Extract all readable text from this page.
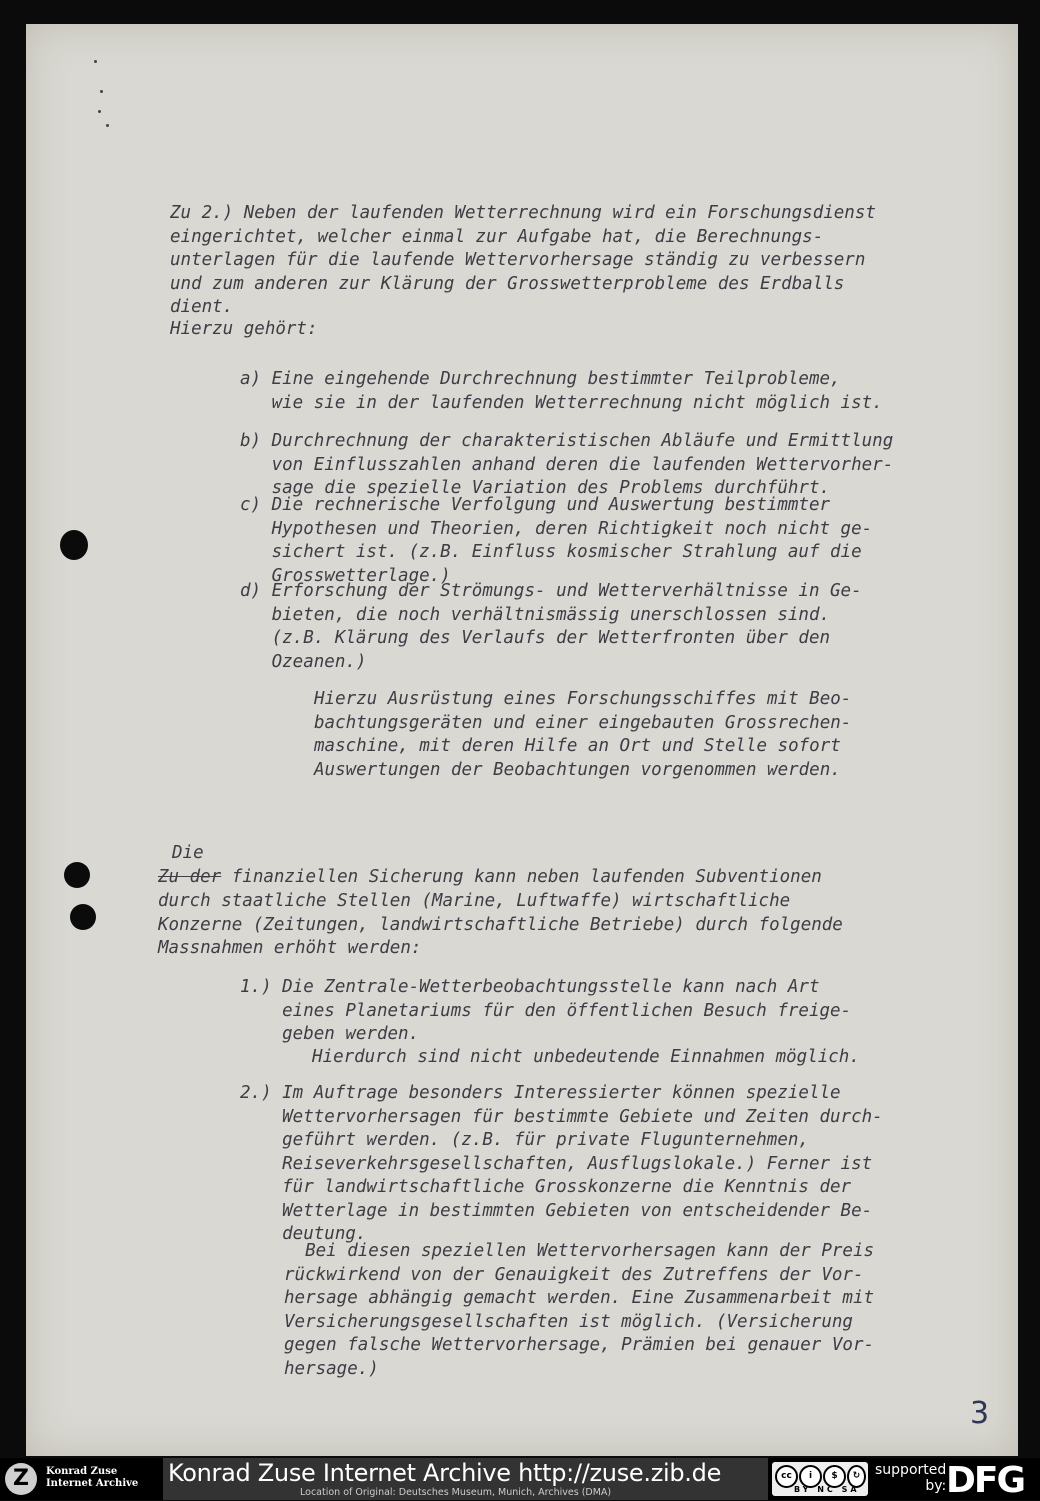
Zu 2.) Neben der laufenden Wetterrechnung wird ein Forschungsdienst
eingerichtet, welcher einmal zur Aufgabe hat, die Berechnungs-
unterlagen für die laufende Wettervorhersage ständig zu verbessern
und zum anderen zur Klärung der Grosswetterprobleme des Erdballs
dient.
Hierzu gehört:
a) Eine eingehende Durchrechnung bestimmter Teilprobleme,
wie sie in der laufenden Wetterrechnung nicht möglich ist.
b) Durchrechnung der charakteristischen Abläufe und Ermittlung
von Einflusszahlen anhand deren die laufenden Wettervorher-
sage die spezielle Variation des Problems durchführt.
c) Die rechnerische Verfolgung und Auswertung bestimmter
Hypothesen und Theorien, deren Richtigkeit noch nicht ge-
sichert ist. (z.B. Einfluss kosmischer Strahlung auf die
Grosswetterlage.)
d) Erforschung der Strömungs- und Wetterverhältnisse in Ge-
bieten, die noch verhältnismässig unerschlossen sind.
(z.B. Klärung des Verlaufs der Wetterfronten über den
Ozeanen.)
Hierzu Ausrüstung eines Forschungsschiffes mit Beo-
bachtungsgeräten und einer eingebauten Grossrechen-
maschine, mit deren Hilfe an Ort und Stelle sofort
Auswertungen der Beobachtungen vorgenommen werden.
Die
Zu der finanziellen Sicherung kann neben laufenden Subventionen
durch staatliche Stellen (Marine, Luftwaffe) wirtschaftliche
Konzerne (Zeitungen, landwirtschaftliche Betriebe) durch folgende
Massnahmen erhöht werden:
1.) Die Zentrale-Wetterbeobachtungsstelle kann nach Art
eines Planetariums für den öffentlichen Besuch freige-
geben werden.
Hierdurch sind nicht unbedeutende Einnahmen möglich.
2.) Im Auftrage besonders Interessierter können spezielle
Wettervorhersagen für bestimmte Gebiete und Zeiten durch-
geführt werden. (z.B. für private Flugunternehmen,
Reiseverkehrsgesellschaften, Ausflugslokale.) Ferner ist
für landwirtschaftliche Grosskonzerne die Kenntnis der
Wetterlage in bestimmten Gebieten von entscheidender Be-
deutung.
Bei diesen speziellen Wettervorhersagen kann der Preis
rückwirkend von der Genauigkeit des Zutreffens der Vor-
hersage abhängig gemacht werden. Eine Zusammenarbeit mit
Versicherungsgesellschaften ist möglich. (Versicherung
gegen falsche Wettervorhersage, Prämien bei genauer Vor-
hersage.)
3
Z	Konrad Zuse
Internet Archive Konrad Zuse Internet Archive http://zuse.zib.de
Location of Original: Deutsches Museum, Munich, Archives (DMA)
cc	i	$	↻
BY NC SA
supported
by: DFG
